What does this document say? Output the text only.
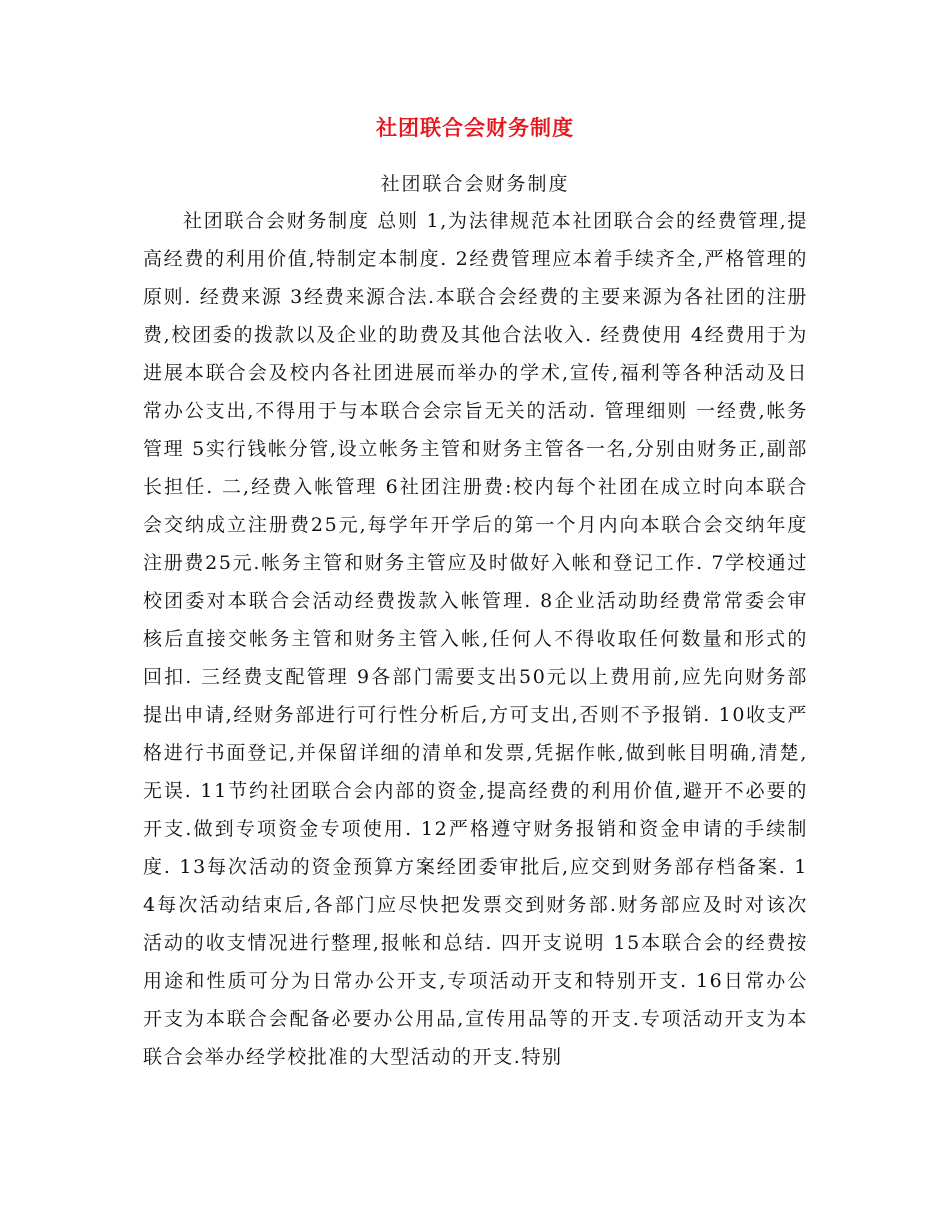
社团联合会财务制度
社团联合会财务制度

社团联合会财务制度 总则 1,为法律规范本社团联合会的经费管理,提高经费的利用价值,特制定本制度. 2经费管理应本着手续齐全,严格管理的原则. 经费来源 3经费来源合法.本联合会经费的主要来源为各社团的注册费,校团委的拨款以及企业的助费及其他合法收入. 经费使用 4经费用于为进展本联合会及校内各社团进展而举办的学术,宣传,福利等各种活动及日常办公支出,不得用于与本联合会宗旨无关的活动. 管理细则 一经费,帐务管理 5实行钱帐分管,设立帐务主管和财务主管各一名,分别由财务正,副部长担任. 二,经费入帐管理 6社团注册费:校内每个社团在成立时向本联合会交纳成立注册费25元,每学年开学后的第一个月内向本联合会交纳年度注册费25元.帐务主管和财务主管应及时做好入帐和登记工作. 7学校通过校团委对本联合会活动经费拨款入帐管理. 8企业活动助经费常常委会审核后直接交帐务主管和财务主管入帐,任何人不得收取任何数量和形式的回扣. 三经费支配管理 9各部门需要支出50元以上费用前,应先向财务部提出申请,经财务部进行可行性分析后,方可支出,否则不予报销. 10收支严格进行书面登记,并保留详细的清单和发票,凭据作帐,做到帐目明确,清楚,无误. 11节约社团联合会内部的资金,提高经费的利用价值,避开不必要的开支.做到专项资金专项使用. 12严格遵守财务报销和资金申请的手续制度. 13每次活动的资金预算方案经团委审批后,应交到财务部存档备案. 14每次活动结束后,各部门应尽快把发票交到财务部.财务部应及时对该次活动的收支情况进行整理,报帐和总结. 四开支说明 15本联合会的经费按用途和性质可分为日常办公开支,专项活动开支和特别开支. 16日常办公开支为本联合会配备必要办公用品,宣传用品等的开支.专项活动开支为本联合会举办经学校批准的大型活动的开支.特别
